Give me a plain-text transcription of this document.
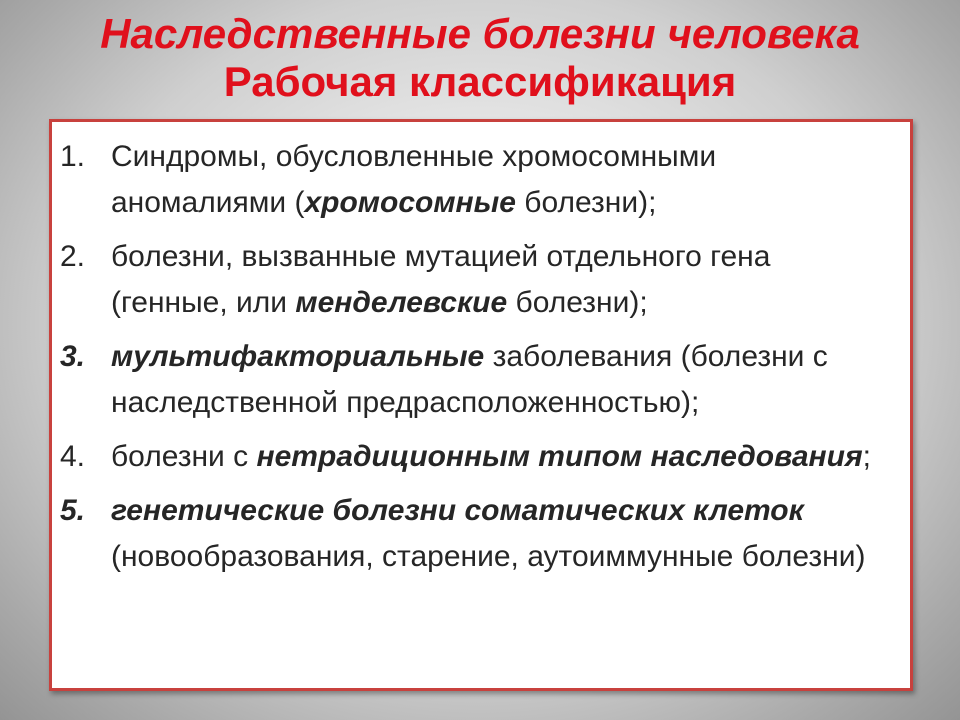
Наследственные болезни человека
Рабочая классификация
1. Синдромы, обусловленные хромосомными аномалиями (хромосомные болезни);
2. болезни, вызванные мутацией отдельного гена (генные, или менделевские болезни);
3. мультифакториальные заболевания (болезни с наследственной предрасположенностью);
4. болезни с нетрадиционным типом наследования;
5. генетические болезни соматических клеток (новообразования, старение, аутоиммунные болезни)
